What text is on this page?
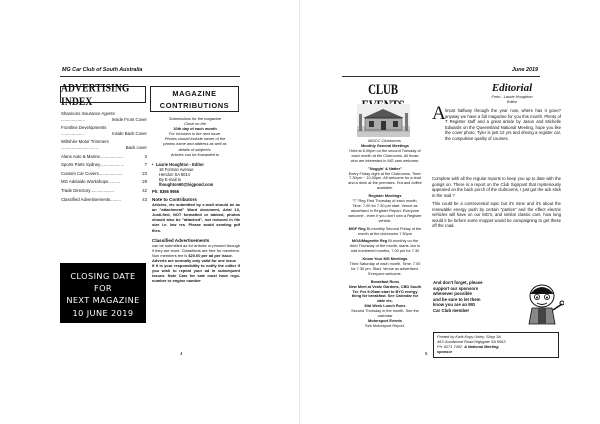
MG Car Club of South Australia
ADVERTISING INDEX
Shannons Insurance Agents
....................	Inside Front Cover
Frontline Developments
...................	Inside Back Cover
Wiltshire Motor Trimmers
...............................	Back cover
Alans Auto & Marine ....................	3
Sports Parts Sydney ....................	7
Custom Car Covers ....................	23
MG Adelaide Workshops ..........	29
Trade Directory ....................	42
Classified Advertisements .........	43
CLOSING DATE FOR
NEXT MAGAZINE
10 JUNE 2019
MAGAZINE
CONTRIBUTIONS
Submissions for the magazine
Close on the
10th day of each month
For inclusion in the next issue.
Photos should include owner of the
photos name and address as well as
details of subject/s.
Articles can be forwarded to
•  Laurie Houghton - Editor
18 Forman Avenue
Hendon SA 5014
By E-mail to
lhoughton60@bigpond.com
Ph: 8356 9955
Note to Contributors
Articles, etc submitted by e-mail should be as an "attachment" Word document, Arial 10, Justi-fied, NOT formatted or tabbed, photos should also be "attached", not reduced in file size i.e. low res. Please avoid sending pdf files.
Classified Advertisements
can be submitted as for articles or phoned through if they are short. Classifieds are free for members. Non members fee is $20.00 per ad per issue.
Adverts are normally only valid for one issue
If it is your responsibility to notify the editor if you wish to repeat your ad in subsequent issues. Note Cars for sale must have rego. number or engine number
4
June 2019
5
CLUB
MGCC Clubrooms
Monthly General Meetings
Held at 8.00pm on the second Tuesday of each month at the Clubrooms. All those who are interested in MG cars welcome.
"Noggin' & Natter"
Every Friday night at the Clubrooms. Time: 7.30pm ~ 10.00pm. All welcome for a chat and a drink at the premises. Tea and coffee available.
Register Meetings
"T" Reg First Thursday of each month. Time: 7.00 for 7.30 pm start. Venue as advertised in Register Report. Everyone welcome - even if you don't own a Register vehicle.
MGF Reg Bi-monthly Second Friday of the month at the clubrooms 7.30pm
MGA/Magnette Reg Bi-monthly on the third Thursday of the month, starts Jan in odd numbered months, 7.00 pm for 7.30
Know Your MG Meetings
Third Saturday of each month. Time: 7.00 for 7.30 pm. Start. Venue as advertised. Everyone welcome.
Breakfast Runs
New Meet at Veale Gardens, CBD South Ter. For 9.00am start to BYO energy thing for breakfast. See Calendar for date etc.
Mid Week Lunch Runs
Second Thursday in the month. See the calendar
Motorsport Events
See Motorsport Report.
Editorial
From...Laurie Houghton
Editor
A lmost halfway through the year now, where has it gone? anyway we have a full magazine for you this month. Plenty of T Register stuff and a great article by Jason and Michelle Edwards on the Queensland National Meeting, hope you like the cover photo, Tyler is just 12 yrs and driving a register car, the compulsive quality of courses.
Complete with all the regular reports to keep you up to date with the goings on. There is a report on the Club Signpost that mysteriously appeared on the back porch of the clubrooms, I just got the ack stick in the mail ?
This could be a controversial topic but it's mine and it's about the renewable energy push by certain "parties" and the effect electric vehicles will have on our MG's, and similar classic cars, how long would it be before some muppet would be campaigning to get these off the road.
And don't forget, please
support our sponsors
whenever possible
and be sure to let them
know you are an MG
Car Club member
Printed by Kwik Kopy Unley, Shop 3A
463 Goodwood Road Highgate SA 5063
Ph: 8271 7402 A National Meeting
sponsor
